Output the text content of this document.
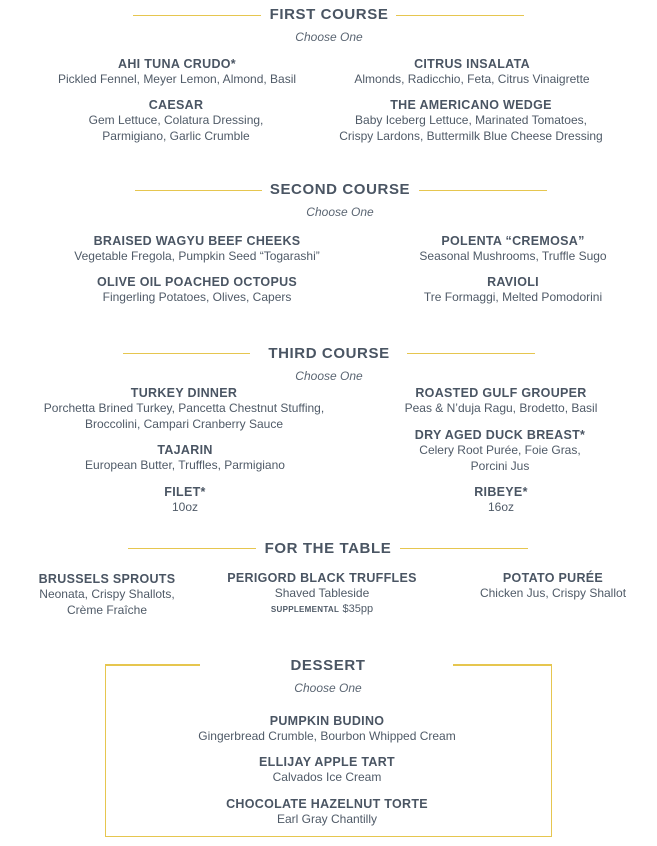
FIRST COURSE
Choose One
AHI TUNA CRUDO*
Pickled Fennel, Meyer Lemon, Almond, Basil
CITRUS INSALATA
Almonds, Radicchio, Feta, Citrus Vinaigrette
CAESAR
Gem Lettuce, Colatura Dressing,
Parmigiano, Garlic Crumble
THE AMERICANO WEDGE
Baby Iceberg Lettuce, Marinated Tomatoes,
Crispy Lardons, Buttermilk Blue Cheese Dressing
SECOND COURSE
Choose One
BRAISED WAGYU BEEF CHEEKS
Vegetable Fregola, Pumpkin Seed “Togarashi”
POLENTA “CREMOSA”
Seasonal Mushrooms, Truffle Sugo
OLIVE OIL POACHED OCTOPUS
Fingerling Potatoes, Olives, Capers
RAVIOLI
Tre Formaggi, Melted Pomodorini
THIRD COURSE
Choose One
TURKEY DINNER
Porchetta Brined Turkey, Pancetta Chestnut Stuffing,
Broccolini, Campari Cranberry Sauce
ROASTED GULF GROUPER
Peas & N’duja Ragu, Brodetto, Basil
TAJARIN
European Butter, Truffles, Parmigiano
DRY AGED DUCK BREAST*
Celery Root Purée, Foie Gras,
Porcini Jus
FILET*
10oz
RIBEYE*
16oz
FOR THE TABLE
BRUSSELS SPROUTS
Neonata, Crispy Shallots,
Crème Fraîche
PERIGORD BLACK TRUFFLES
Shaved Tableside
SUPPLEMENTAL $35pp
POTATO PURÉE
Chicken Jus, Crispy Shallot
DESSERT
Choose One
PUMPKIN BUDINO
Gingerbread Crumble, Bourbon Whipped Cream
ELLIJAY APPLE TART
Calvados Ice Cream
CHOCOLATE HAZELNUT TORTE
Earl Gray Chantilly
